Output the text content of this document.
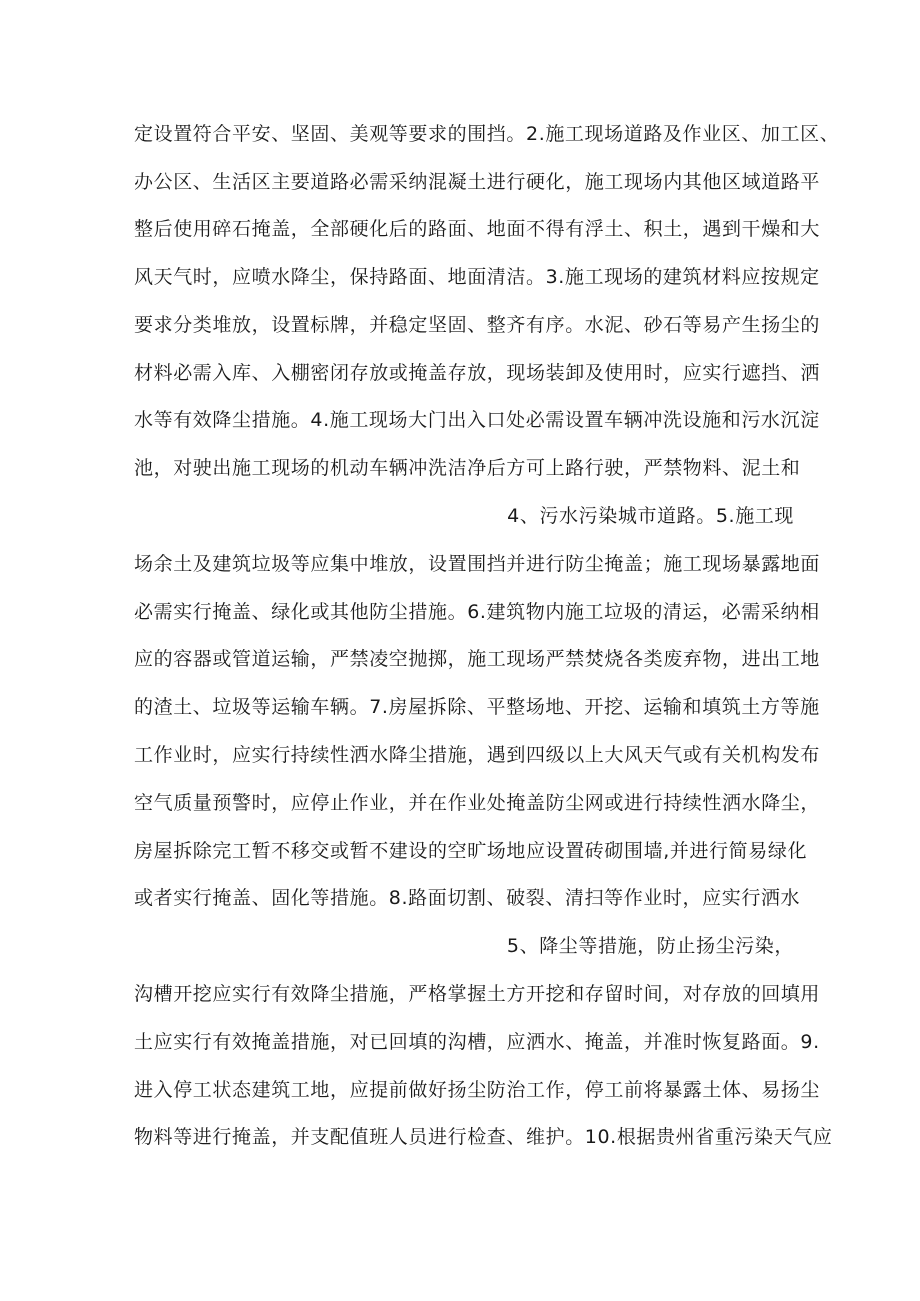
定设置符合平安、坚固、美观等要求的围挡。2.施工现场道路及作业区、加工区、
办公区、生活区主要道路必需采纳混凝土进行硬化，施工现场内其他区域道路平
整后使用碎石掩盖，全部硬化后的路面、地面不得有浮土、积土，遇到干燥和大
风天气时，应喷水降尘，保持路面、地面清洁。3.施工现场的建筑材料应按规定
要求分类堆放，设置标牌，并稳定坚固、整齐有序。水泥、砂石等易产生扬尘的
材料必需入库、入棚密闭存放或掩盖存放，现场装卸及使用时，应实行遮挡、洒
水等有效降尘措施。4.施工现场大门出入口处必需设置车辆冲洗设施和污水沉淀
池，对驶出施工现场的机动车辆冲洗洁净后方可上路行驶，严禁物料、泥土和
4、污水污染城市道路。5.施工现
场余土及建筑垃圾等应集中堆放，设置围挡并进行防尘掩盖；施工现场暴露地面
必需实行掩盖、绿化或其他防尘措施。6.建筑物内施工垃圾的清运，必需采纳相
应的容器或管道运输，严禁凌空抛掷，施工现场严禁焚烧各类废弃物，进出工地
的渣土、垃圾等运输车辆。7.房屋拆除、平整场地、开挖、运输和填筑土方等施
工作业时，应实行持续性洒水降尘措施，遇到四级以上大风天气或有关机构发布
空气质量预警时，应停止作业，并在作业处掩盖防尘网或进行持续性洒水降尘，
房屋拆除完工暂不移交或暂不建设的空旷场地应设置砖砌围墙,并进行简易绿化
或者实行掩盖、固化等措施。8.路面切割、破裂、清扫等作业时，应实行洒水
5、降尘等措施，防止扬尘污染，
沟槽开挖应实行有效降尘措施，严格掌握土方开挖和存留时间，对存放的回填用
土应实行有效掩盖措施，对已回填的沟槽，应洒水、掩盖，并准时恢复路面。9.
进入停工状态建筑工地，应提前做好扬尘防治工作，停工前将暴露土体、易扬尘
物料等进行掩盖，并支配值班人员进行检查、维护。10.根据贵州省重污染天气应
